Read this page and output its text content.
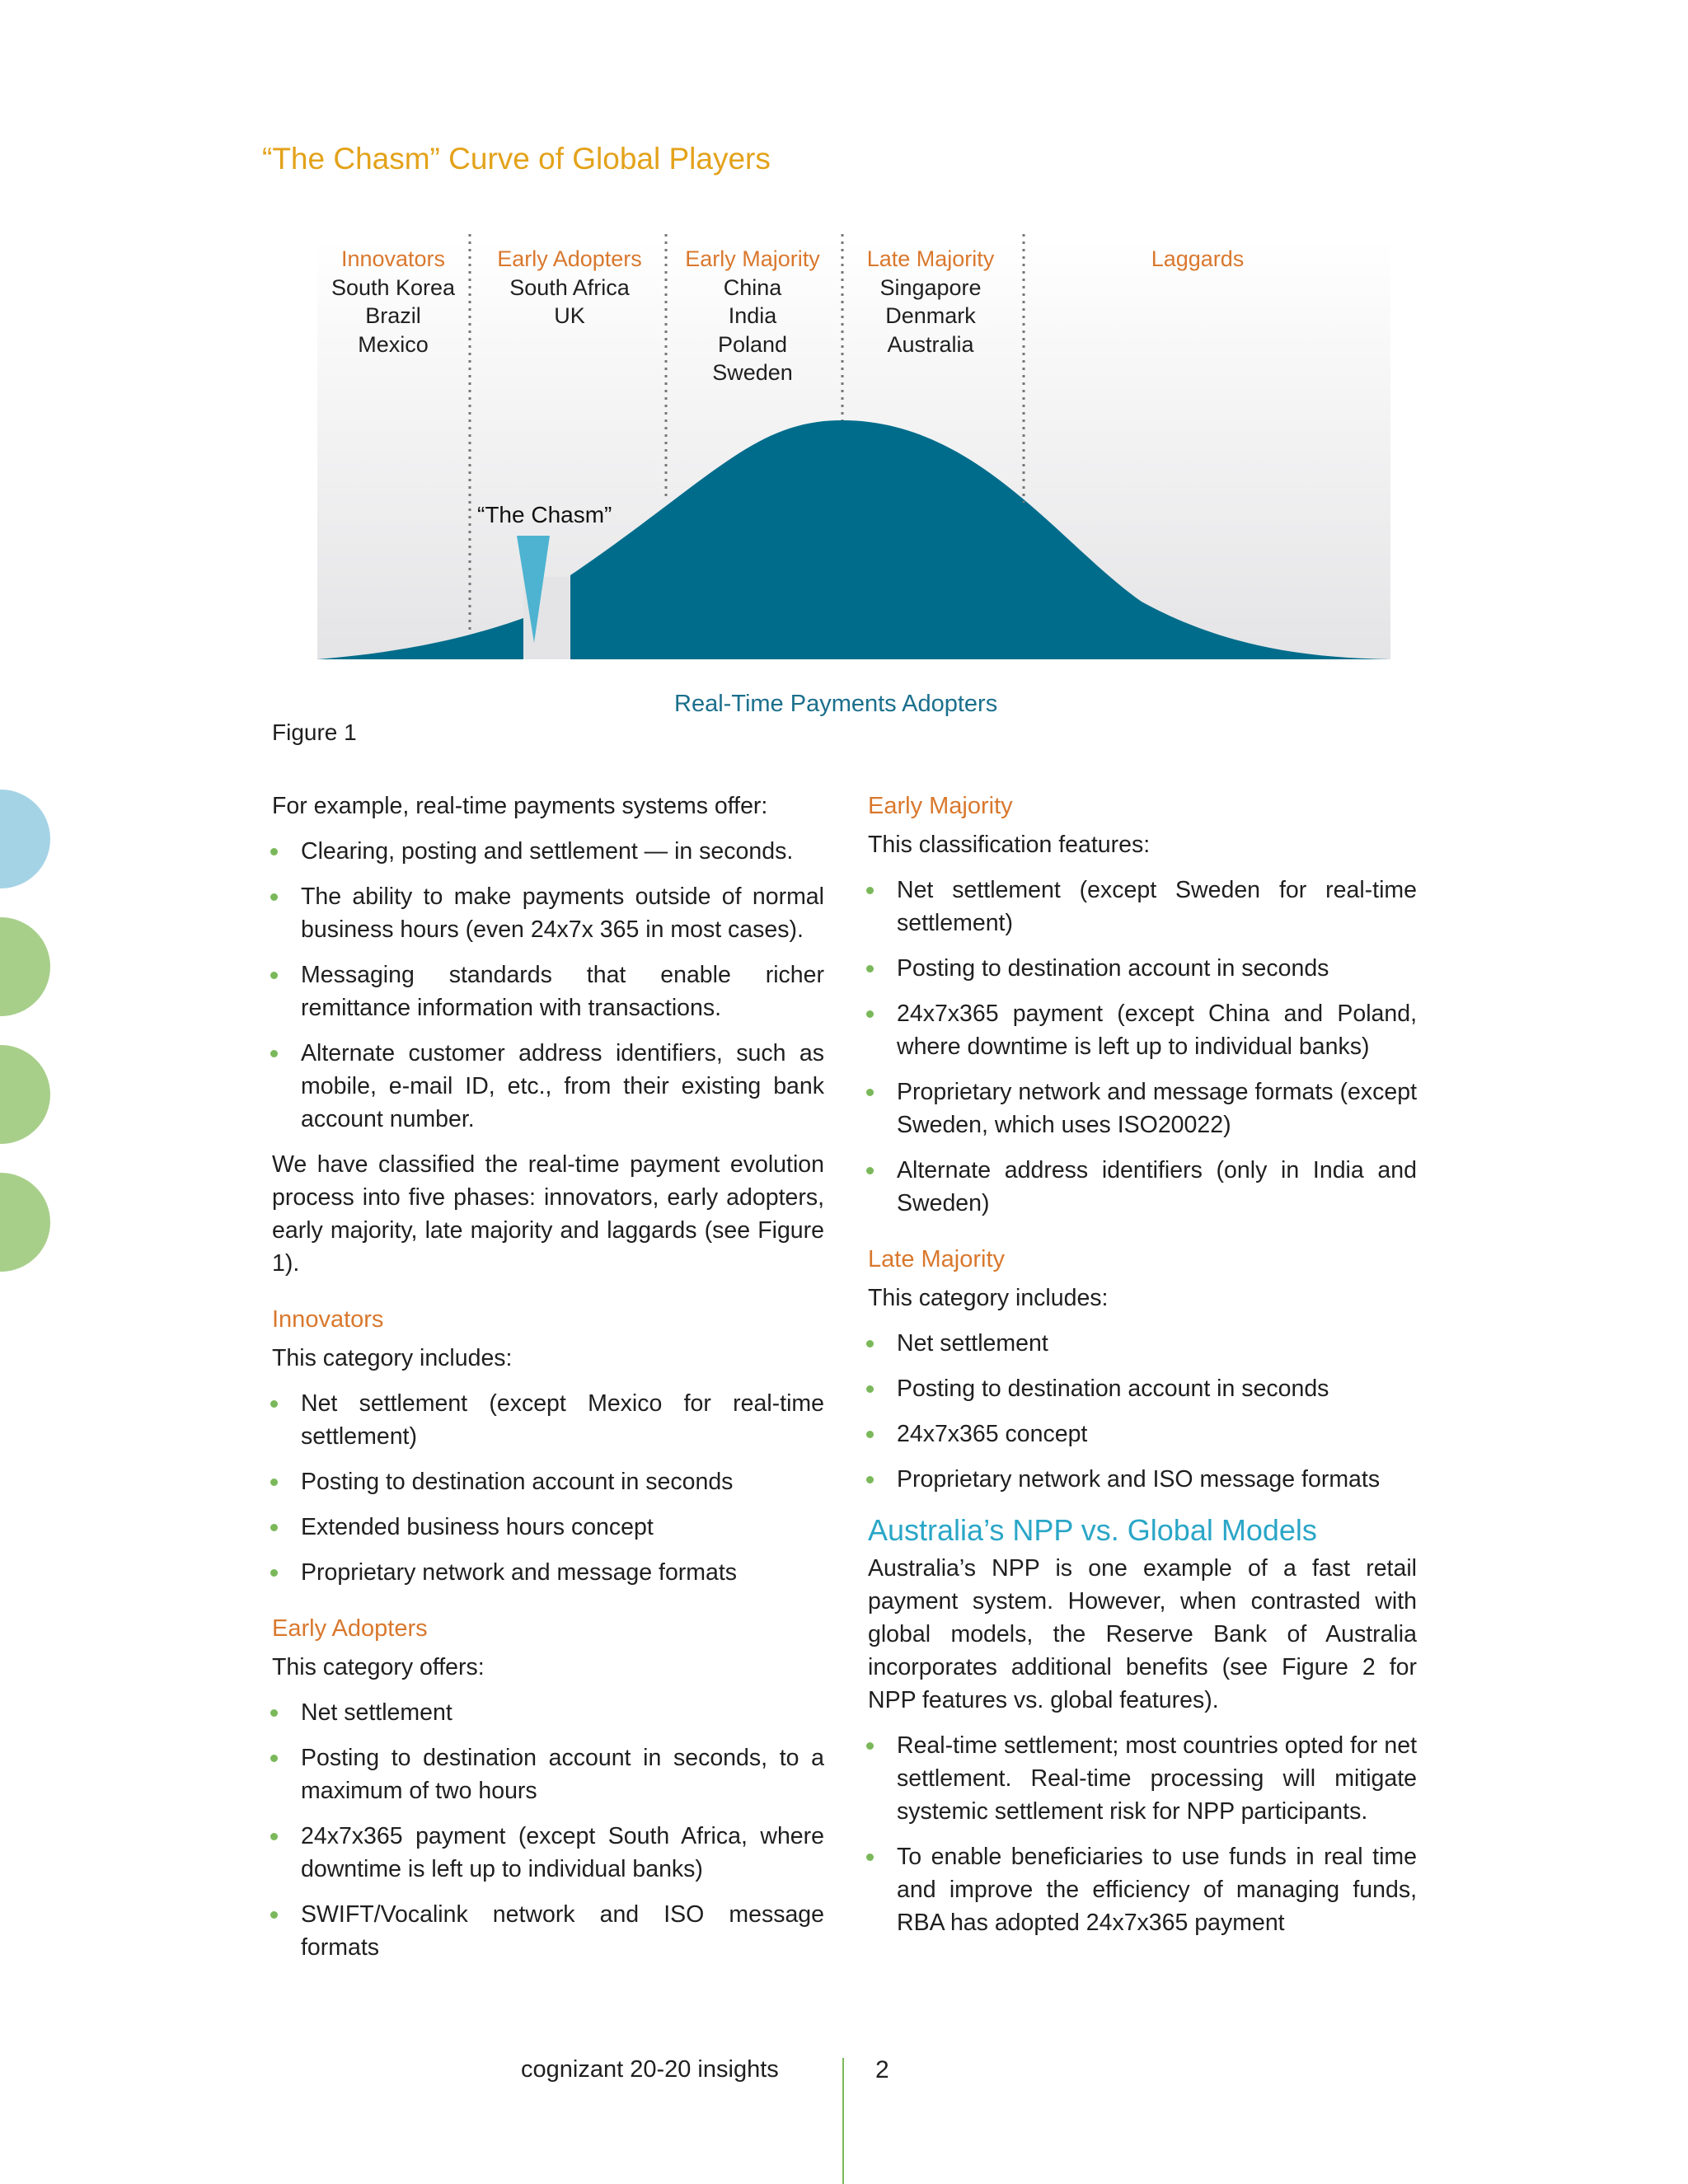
“The Chasm” Curve of Global Players
Innovators
South Korea
Brazil
Mexico
Early Adopters
South Africa
UK
Early Majority
China
India
Poland
Sweden
Late Majority
Singapore
Denmark
Australia
Laggards
“The Chasm”
Real-Time Payments Adopters
Figure 1

For example, real-time payments systems offer:

Clearing, posting and settlement — in seconds.
The ability to make payments outside of normal business hours (even 24x7x 365 in most cases).
Messaging standards that enable richer remittance information with transactions.
Alternate customer address identifiers, such as mobile, e-mail ID, etc., from their existing bank account number.

We have classified the real-time payment evolution process into five phases: innovators, early adopters, early majority, late majority and laggards (see Figure 1).

Innovators

This category includes:

Net settlement (except Mexico for real-time settlement)
Posting to destination account in seconds
Extended business hours concept
Proprietary network and message formats

Early Adopters

This category offers:

Net settlement
Posting to destination account in seconds, to a maximum of two hours
24x7x365 payment (except South Africa, where downtime is left up to individual banks)
SWIFT/Vocalink network and ISO message formats

Early Majority

This classification features:

Net settlement (except Sweden for real-time settlement)
Posting to destination account in seconds
24x7x365 payment (except China and Poland, where downtime is left up to individual banks)
Proprietary network and message formats (except Sweden, which uses ISO20022)
Alternate address identifiers (only in India and Sweden)

Late Majority

This category includes:

Net settlement
Posting to destination account in seconds
24x7x365 concept
Proprietary network and ISO message formats

Australia’s NPP vs. Global Models

Australia’s NPP is one example of a fast retail payment system. However, when contrasted with global models, the Reserve Bank of Australia incorporates additional benefits (see Figure 2 for NPP features vs. global features).

Real-time settlement; most countries opted for net settlement. Real-time processing will mitigate systemic settlement risk for NPP participants.
To enable beneficiaries to use funds in real time and improve the efficiency of managing funds, RBA has adopted 24x7x365 payment
cognizant 20-20 insights	2
